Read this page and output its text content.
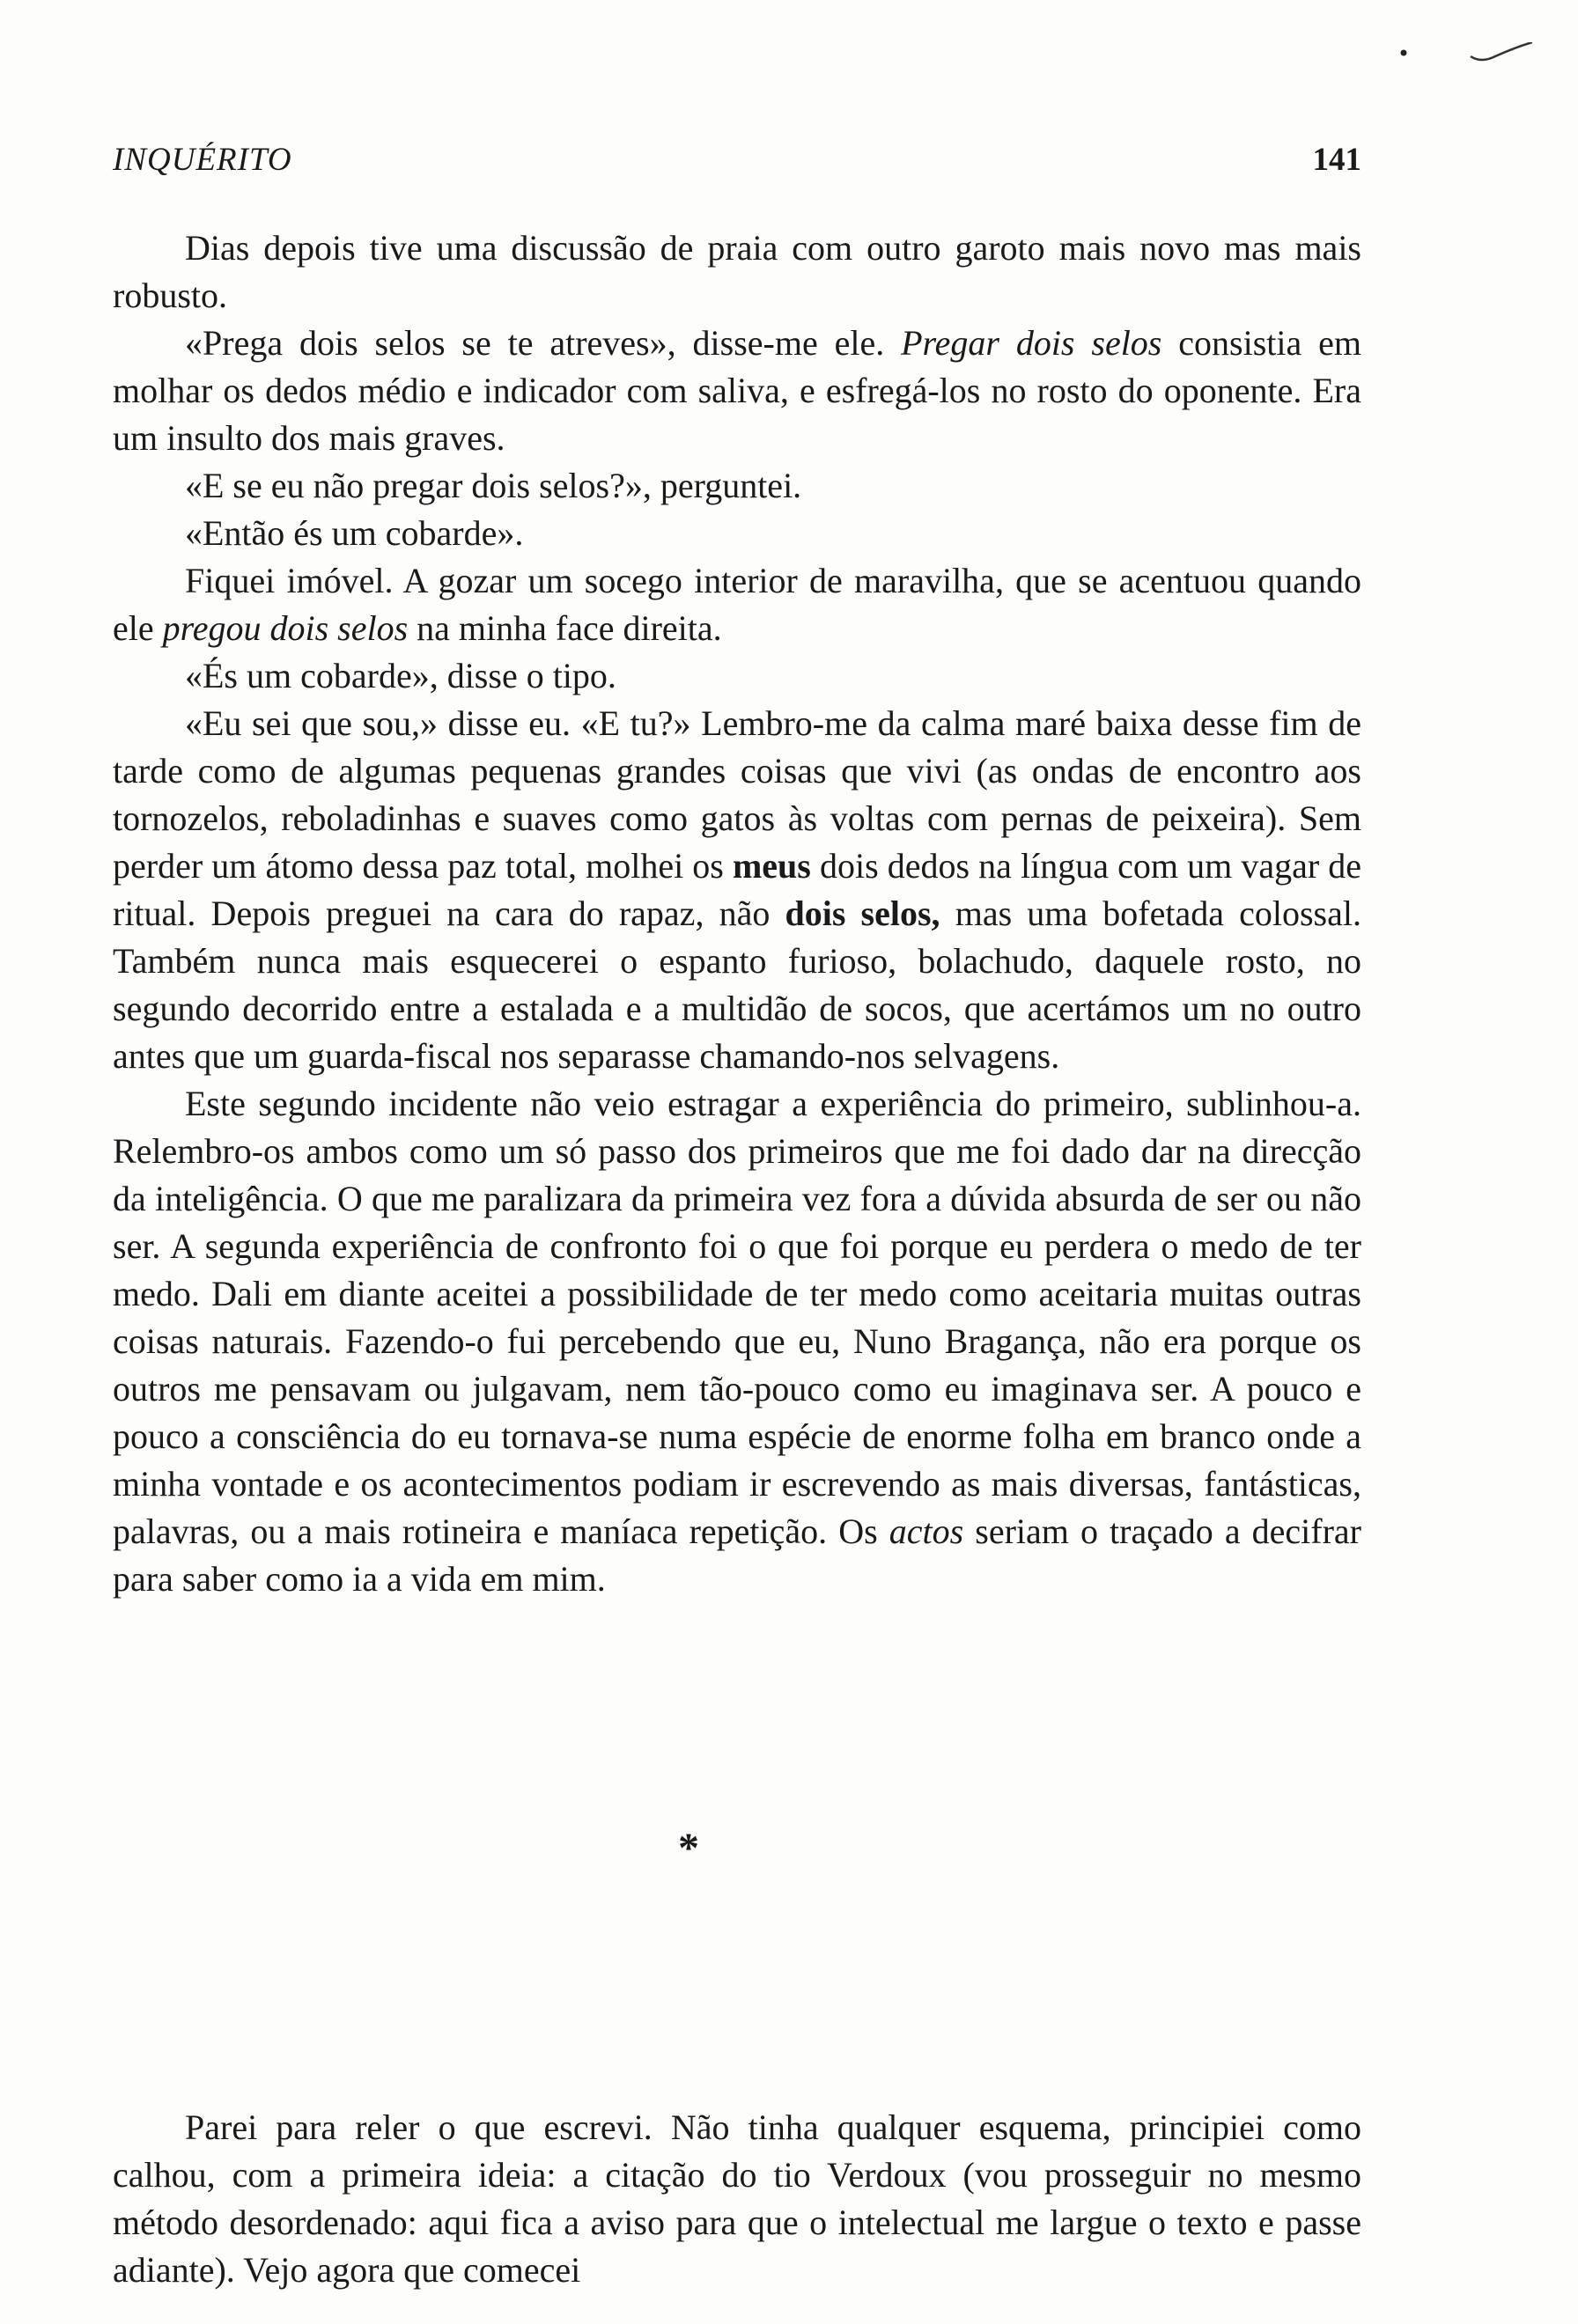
INQUÉRITO	141

Dias depois tive uma discussão de praia com outro garoto mais novo mas mais robusto.

«Prega dois selos se te atreves», disse-me ele. Pregar dois selos consistia em molhar os dedos médio e indicador com saliva, e esfregá-los no rosto do oponente. Era um insulto dos mais graves.

«E se eu não pregar dois selos?», perguntei.

«Então és um cobarde».

Fiquei imóvel. A gozar um socego interior de maravilha, que se acentuou quando ele pregou dois selos na minha face direita.

«És um cobarde», disse o tipo.

«Eu sei que sou,» disse eu. «E tu?» Lembro-me da calma maré baixa desse fim de tarde como de algumas pequenas grandes coisas que vivi (as ondas de encontro aos tornozelos, reboladinhas e suaves como gatos às voltas com pernas de peixeira). Sem perder um átomo dessa paz total, molhei os meus dois dedos na língua com um vagar de ritual. Depois preguei na cara do rapaz, não dois selos, mas uma bofetada colossal. Também nunca mais esquecerei o espanto furioso, bolachudo, daquele rosto, no segundo decorrido entre a estalada e a multidão de socos, que acertámos um no outro antes que um guarda-fiscal nos separasse chamando-nos selvagens.

Este segundo incidente não veio estragar a experiência do primeiro, sublinhou-a. Relembro-os ambos como um só passo dos primeiros que me foi dado dar na direcção da inteligência. O que me paralizara da primeira vez fora a dúvida absurda de ser ou não ser. A segunda experiência de confronto foi o que foi porque eu perdera o medo de ter medo. Dali em diante aceitei a possibilidade de ter medo como aceitaria muitas outras coisas naturais. Fazendo-o fui percebendo que eu, Nuno Bragança, não era porque os outros me pensavam ou julgavam, nem tão-pouco como eu imaginava ser. A pouco e pouco a consciência do eu tornava-se numa espécie de enorme folha em branco onde a minha vontade e os acontecimentos podiam ir escrevendo as mais diversas, fantásticas, palavras, ou a mais rotineira e maníaca repetição. Os actos seriam o traçado a decifrar para saber como ia a vida em mim.

*

Parei para reler o que escrevi. Não tinha qualquer esquema, principiei como calhou, com a primeira ideia: a citação do tio Verdoux (vou prosseguir no mesmo método desordenado: aqui fica a aviso para que o intelectual me largue o texto e passe adiante). Vejo agora que comecei
